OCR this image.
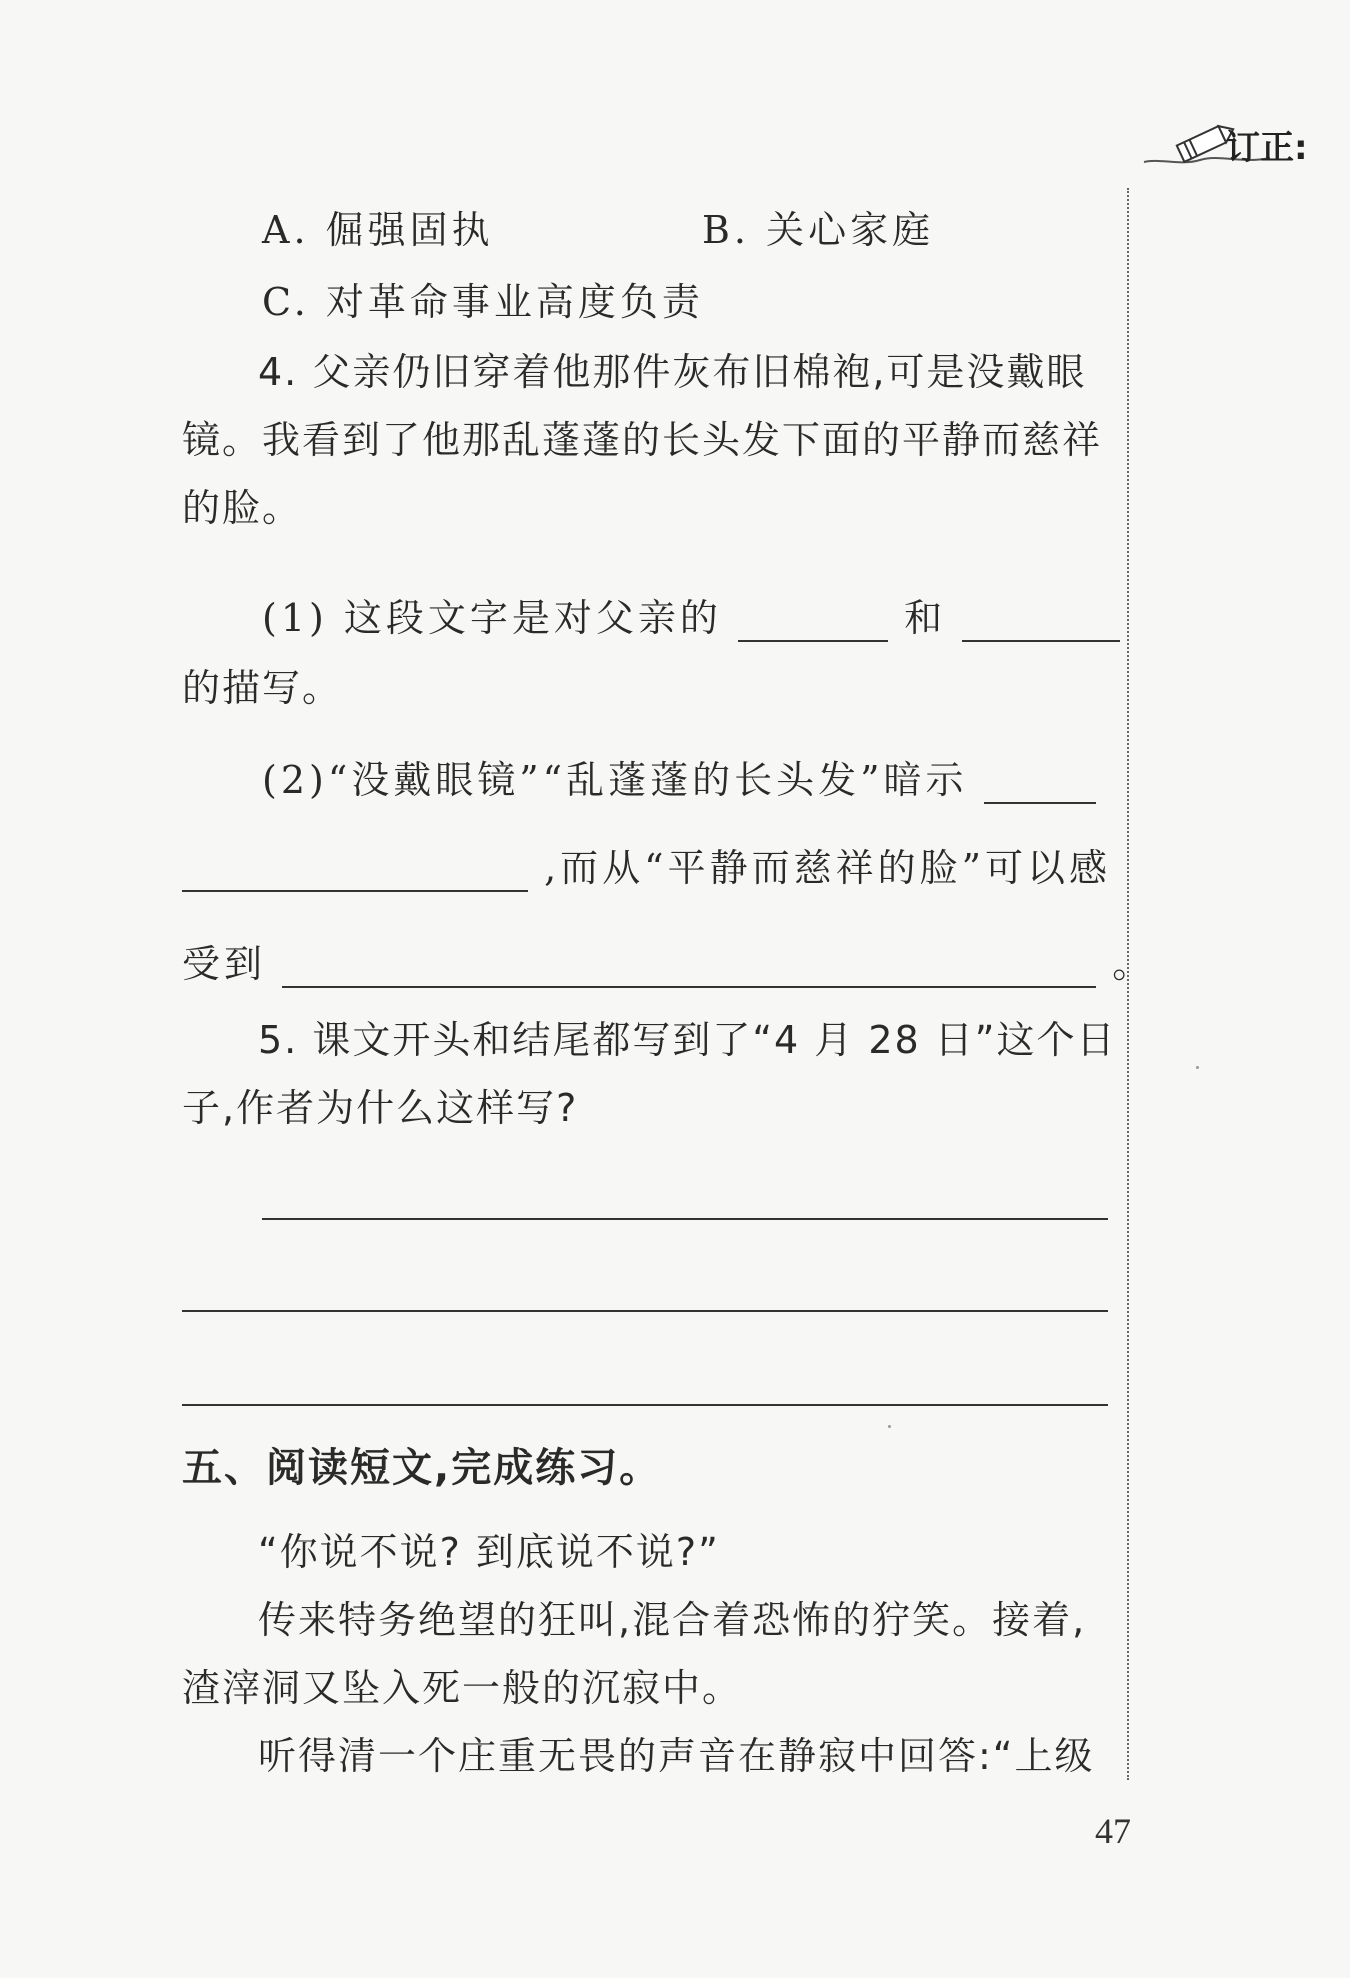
订正:
A. 倔强固执	B. 关心家庭
C. 对革命事业高度负责
4. 父亲仍旧穿着他那件灰布旧棉袍,可是没戴眼
镜。我看到了他那乱蓬蓬的长头发下面的平静而慈祥
的脸。
(1) 这段文字是对父亲的	和
的描写。
(2)“没戴眼镜”“乱蓬蓬的长头发”暗示
,而从“平静而慈祥的脸”可以感
受到	。
5. 课文开头和结尾都写到了“4 月 28 日”这个日
子,作者为什么这样写?
五、阅读短文,完成练习。
“你说不说? 到底说不说?”
传来特务绝望的狂叫,混合着恐怖的狞笑。接着,
渣滓洞又坠入死一般的沉寂中。
听得清一个庄重无畏的声音在静寂中回答:“上级
47
